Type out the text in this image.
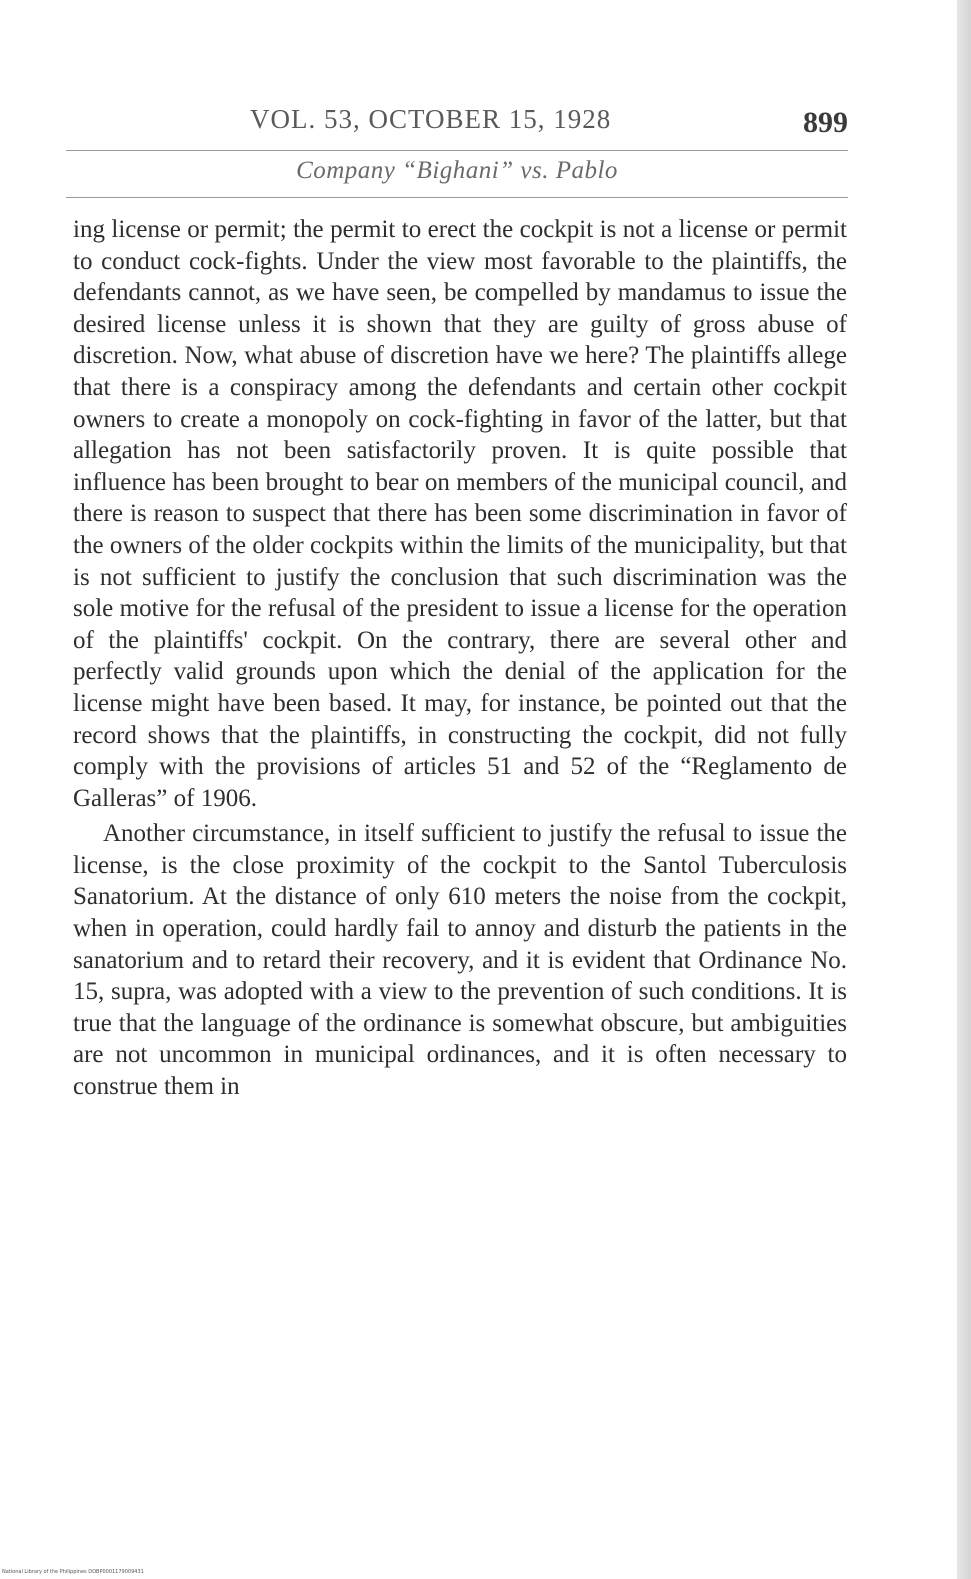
VOL. 53, OCTOBER 15, 1928	899
Company “Bighani” vs. Pablo

ing license or permit; the permit to erect the cockpit is not a license or permit to conduct cock-fights. Under the view most favorable to the plaintiffs, the defendants cannot, as we have seen, be compelled by mandamus to issue the desired license unless it is shown that they are guilty of gross abuse of discretion. Now, what abuse of discretion have we here? The plaintiffs allege that there is a conspiracy among the defendants and certain other cockpit owners to create a monopoly on cock-fighting in favor of the latter, but that allegation has not been satisfactorily proven. It is quite possible that influence has been brought to bear on members of the municipal council, and there is reason to suspect that there has been some discrimination in favor of the owners of the older cockpits within the limits of the municipality, but that is not sufficient to justify the conclusion that such discrimination was the sole motive for the refusal of the president to issue a license for the operation of the plaintiffs' cockpit. On the contrary, there are several other and perfectly valid grounds upon which the denial of the application for the license might have been based. It may, for instance, be pointed out that the record shows that the plaintiffs, in constructing the cockpit, did not fully comply with the provisions of articles 51 and 52 of the “Reglamento de Galleras” of 1906.

Another circumstance, in itself sufficient to justify the refusal to issue the license, is the close proximity of the cockpit to the Santol Tuberculosis Sanatorium. At the distance of only 610 meters the noise from the cockpit, when in operation, could hardly fail to annoy and disturb the patients in the sanatorium and to retard their recovery, and it is evident that Ordinance No. 15, supra, was adopted with a view to the prevention of such conditions. It is true that the language of the ordinance is somewhat obscure, but ambiguities are not uncommon in municipal ordinances, and it is often necessary to construe them in

National Library of the Philippines DOBP0001179009431
